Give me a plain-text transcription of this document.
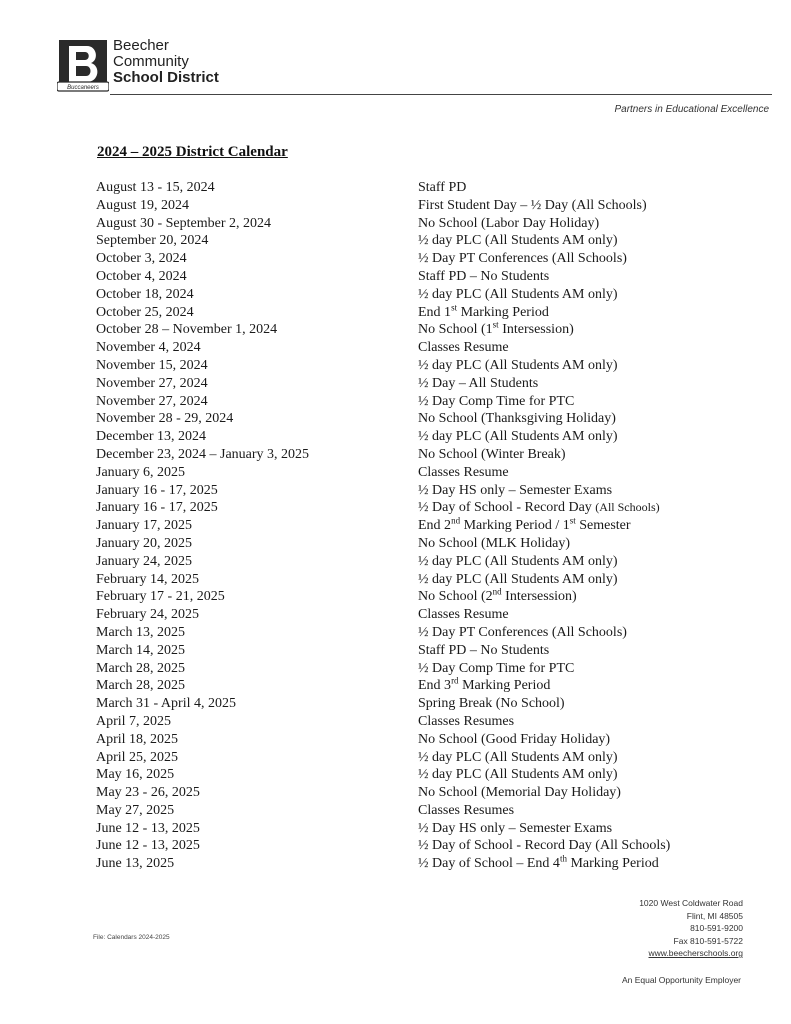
Buccaneers
Beecher
Community
School District
Partners in Educational Excellence
2024 – 2025 District Calendar
August 13 - 15, 2024	Staff PD
August 19, 2024	First Student Day – ½ Day (All Schools)
August 30 - September 2, 2024	No School (Labor Day Holiday)
September 20, 2024	½ day PLC (All Students AM only)
October 3, 2024	½ Day PT Conferences (All Schools)
October 4, 2024	Staff PD – No Students
October 18, 2024	½ day PLC (All Students AM only)
October 25, 2024	End 1st Marking Period
October 28 – November 1, 2024	No School (1st Intersession)
November 4, 2024	Classes Resume
November 15, 2024	½ day PLC (All Students AM only)
November 27, 2024	½ Day – All Students
November 27, 2024	½ Day Comp Time for PTC
November 28 - 29, 2024	No School (Thanksgiving Holiday)
December 13, 2024	½ day PLC (All Students AM only)
December 23, 2024 – January 3, 2025	No School (Winter Break)
January 6, 2025	Classes Resume
January 16 - 17, 2025	½ Day HS only – Semester Exams
January 16 - 17, 2025	½ Day of School - Record Day (All Schools)
January 17, 2025	End 2nd Marking Period / 1st Semester
January 20, 2025	No School (MLK Holiday)
January 24, 2025	½ day PLC (All Students AM only)
February 14, 2025	½ day PLC (All Students AM only)
February 17 - 21, 2025	No School (2nd Intersession)
February 24, 2025	Classes Resume
March 13, 2025	½ Day PT Conferences (All Schools)
March 14, 2025	Staff PD – No Students
March 28, 2025	½ Day Comp Time for PTC
March 28, 2025	End 3rd Marking Period
March 31 - April 4, 2025	Spring Break (No School)
April 7, 2025	Classes Resumes
April 18, 2025	No School (Good Friday Holiday)
April 25, 2025	½ day PLC (All Students AM only)
May 16, 2025	½ day PLC (All Students AM only)
May 23 - 26, 2025	No School (Memorial Day Holiday)
May 27, 2025	Classes Resumes
June 12 - 13, 2025	½ Day HS only – Semester Exams
June 12 - 13, 2025	½ Day of School - Record Day (All Schools)
June 13, 2025	½ Day of School – End 4th Marking Period
File: Calendars 2024-2025
1020 West Coldwater Road
Flint, MI 48505
810-591-9200
Fax 810-591-5722
www.beecherschools.org
An Equal Opportunity Employer
